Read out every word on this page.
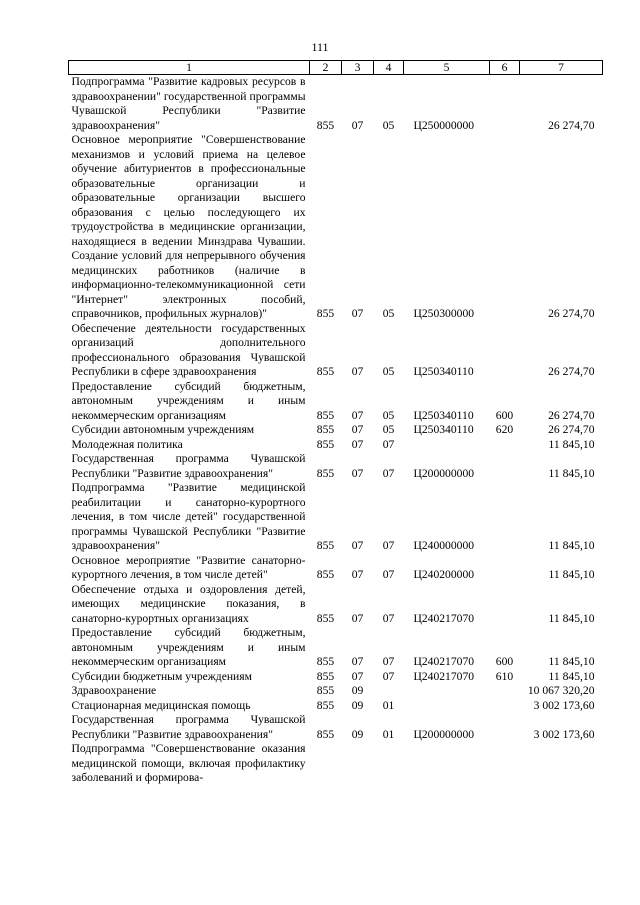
111
1	2	3	4	5	6	7
Подпрограмма "Развитие кадровых ресурсов в здравоохранении" государственной программы Чувашской Республики "Развитие здравоохранения"	855	07	05	Ц250000000		26 274,70
Основное мероприятие "Совершенствование механизмов и условий приема на целевое обучение абитуриентов в профессиональные образовательные организации и образовательные организации высшего образования с целью последующего их трудоустройства в медицинские организации, находящиеся в ведении Минздрава Чувашии. Создание условий для непрерывного обучения медицинских работников (наличие в информационно-телекоммуникационной сети "Интернет" электронных пособий, справочников, профильных журналов)"	855	07	05	Ц250300000		26 274,70
Обеспечение деятельности государственных организаций дополнительного профессионального образования Чувашской Республики в сфере здравоохранения	855	07	05	Ц250340110		26 274,70
Предоставление субсидий бюджетным, автономным учреждениям и иным некоммерческим организациям	855	07	05	Ц250340110	600	26 274,70
Субсидии автономным учреждениям	855	07	05	Ц250340110	620	26 274,70
Молодежная политика	855	07	07			11 845,10
Государственная программа Чувашской Республики "Развитие здравоохранения"	855	07	07	Ц200000000		11 845,10
Подпрограмма "Развитие медицинской реабилитации и санаторно-курортного лечения, в том числе детей" государственной программы Чувашской Республики "Развитие здравоохранения"	855	07	07	Ц240000000		11 845,10
Основное мероприятие "Развитие санаторно-курортного лечения, в том числе детей"	855	07	07	Ц240200000		11 845,10
Обеспечение отдыха и оздоровления детей, имеющих медицинские показания, в санаторно-курортных организациях	855	07	07	Ц240217070		11 845,10
Предоставление субсидий бюджетным, автономным учреждениям и иным некоммерческим организациям	855	07	07	Ц240217070	600	11 845,10
Субсидии бюджетным учреждениям	855	07	07	Ц240217070	610	11 845,10
Здравоохранение	855	09				10 067 320,20
Стационарная медицинская помощь	855	09	01			3 002 173,60
Государственная программа Чувашской Республики "Развитие здравоохранения"	855	09	01	Ц200000000		3 002 173,60
Подпрограмма "Совершенствование оказания медицинской помощи, включая профилактику заболеваний и формирова-						
